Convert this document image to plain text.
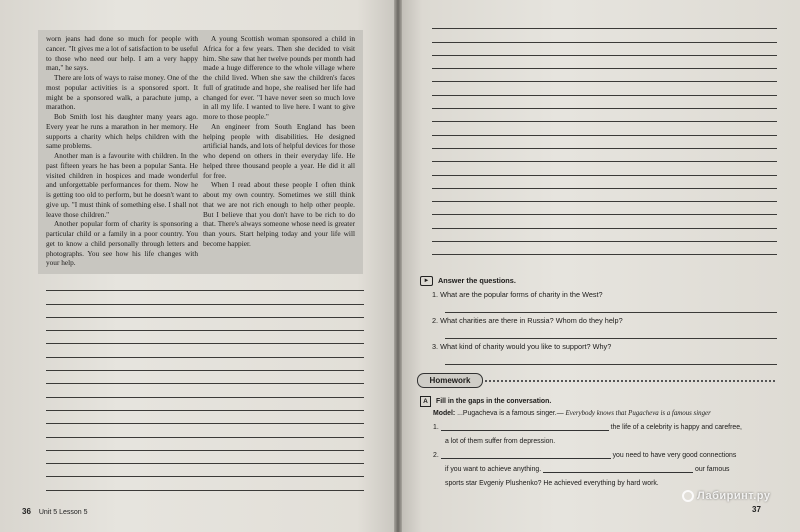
worn jeans had done so much for people with cancer. "It gives me a lot of satisfaction to be useful to those who need our help. I am a very happy man," he says.

There are lots of ways to raise money. One of the most popular activities is a sponsored sport. It might be a sponsored walk, a parachute jump, a marathon.

Bob Smith lost his daughter many years ago. Every year he runs a marathon in her memory. He supports a charity which helps children with the same problems.

Another man is a favourite with children. In the past fifteen years he has been a popular Santa. He visited children in hospices and made wonderful and unforgettable performances for them. Now he is getting too old to perform, but he doesn't want to give up. "I must think of something else. I shall not leave those children."

Another popular form of charity is sponsoring a particular child or a family in a poor country. You get to know a child personally through letters and photographs. You see how his life changes with your help.

A young Scottish woman sponsored a child in Africa for a few years. Then she decided to visit him. She saw that her twelve pounds per month had made a huge difference to the whole village where the child lived. When she saw the children's faces full of gratitude and hope, she realised her life had changed for ever. "I have never seen so much love in all my life. I wanted to live here. I want to give more to those people."

An engineer from South England has been helping people with disabilities. He designed artificial hands, and lots of helpful devices for those who depend on others in their everyday life. He helped three thousand people a year. He did it all for free.

When I read about these people I often think about my own country. Sometimes we still think that we are not rich enough to help other people. But I believe that you don't have to be rich to do that. There's always someone whose need is greater than yours. Start helping today and your life will become happier.

36 Unit 5 Lesson 5
► Answer the questions.
1. What are the popular forms of charity in the West?
2. What charities are there in Russia? Whom do they help?
3. What kind of charity would you like to support? Why?
Homework
A Fill in the gaps in the conversation.
Model: ...Pugacheva is a famous singer.— Everybody knows that Pugacheva is a famous singer
1.	the life of a celebrity is happy and carefree,
a lot of them suffer from depression.
2.	you need to have very good connections
if you want to achieve anything.	our famous
sports star Evgeniy Plushenko? He achieved everything by hard work.
37
Лабиринт.ру
